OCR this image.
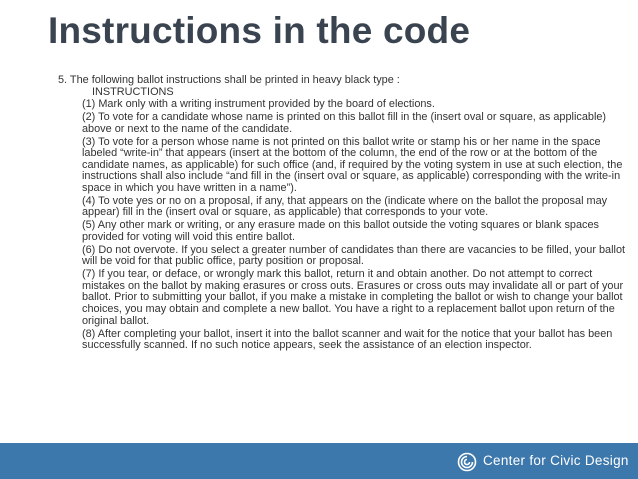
Instructions in the code

5. The following ballot instructions shall be printed in heavy black type :

INSTRUCTIONS

(1) Mark only with a writing instrument provided by the board of elections.

(2) To vote for a candidate whose name is printed on this ballot fill in the (insert oval or square, as applicable) above or next to the name of the candidate.

(3) To vote for a person whose name is not printed on this ballot write or stamp his or her name in the space labeled “write-in” that appears (insert at the bottom of the column, the end of the row or at the bottom of the candidate names, as applicable) for such office (and, if required by the voting system in use at such election, the instructions shall also include “and fill in the (insert oval or square, as applicable) corresponding with the write-in space in which you have written in a name”).

(4) To vote yes or no on a proposal, if any, that appears on the (indicate where on the ballot the proposal may appear) fill in the (insert oval or square, as applicable) that corresponds to your vote.

(5) Any other mark or writing, or any erasure made on this ballot outside the voting squares or blank spaces provided for voting will void this entire ballot.

(6) Do not overvote. If you select a greater number of candidates than there are vacancies to be filled, your ballot will be void for that public office, party position or proposal.

(7) If you tear, or deface, or wrongly mark this ballot, return it and obtain another. Do not attempt to correct mistakes on the ballot by making erasures or cross outs. Erasures or cross outs may invalidate all or part of your ballot. Prior to submitting your ballot, if you make a mistake in completing the ballot or wish to change your ballot choices, you may obtain and complete a new ballot. You have a right to a replacement ballot upon return of the original ballot.

(8) After completing your ballot, insert it into the ballot scanner and wait for the notice that your ballot has been successfully scanned. If no such notice appears, seek the assistance of an election inspector.

Center for Civic Design
